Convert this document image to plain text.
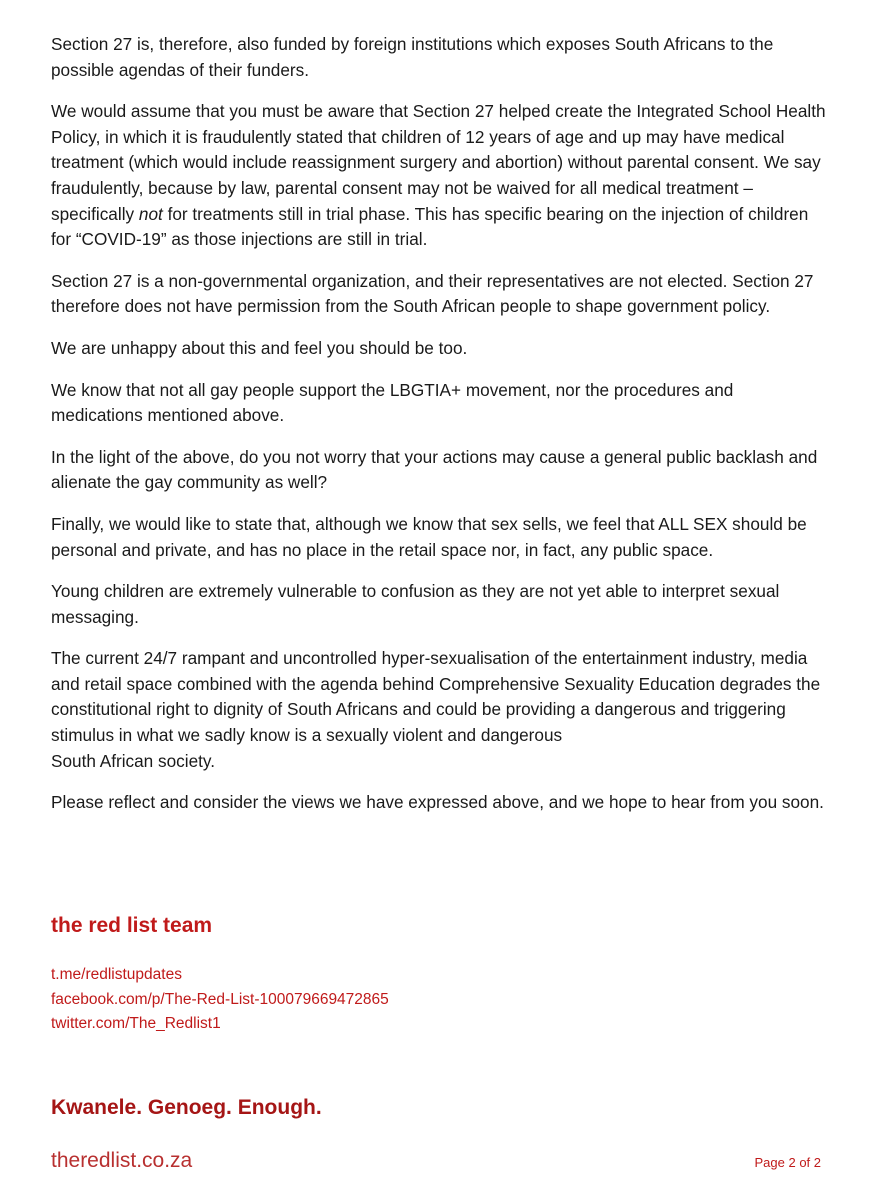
Section 27 is, therefore, also funded by foreign institutions which exposes South Africans to the possible agendas of their funders.

We would assume that you must be aware that Section 27 helped create the Integrated School Health Policy, in which it is fraudulently stated that children of 12 years of age and up may have medical treatment (which would include reassignment surgery and abortion) without parental consent. We say fraudulently, because by law, parental consent may not be waived for all medical treatment – specifically not for treatments still in trial phase. This has specific bearing on the injection of children for “COVID-19” as those injections are still in trial.

Section 27 is a non-governmental organization, and their representatives are not elected. Section 27 therefore does not have permission from the South African people to shape government policy.

We are unhappy about this and feel you should be too.

We know that not all gay people support the LBGTIA+ movement, nor the procedures and medications mentioned above.

In the light of the above, do you not worry that your actions may cause a general public backlash and alienate the gay community as well?

Finally, we would like to state that, although we know that sex sells, we feel that ALL SEX should be personal and private, and has no place in the retail space nor, in fact, any public space.

Young children are extremely vulnerable to confusion as they are not yet able to interpret sexual messaging.

The current 24/7 rampant and uncontrolled hyper-sexualisation of the entertainment industry, media and retail space combined with the agenda behind Comprehensive Sexuality Education degrades the constitutional right to dignity of South Africans and could be providing a dangerous and triggering stimulus in what we sadly know is a sexually violent and dangerous
South African society.

Please reflect and consider the views we have expressed above, and we hope to hear from you soon.

the red list team
t.me/redlistupdates
facebook.com/p/The-Red-List-100079669472865
twitter.com/The_Redlist1
Kwanele. Genoeg. Enough.
theredlist.co.za	Page 2 of 2
